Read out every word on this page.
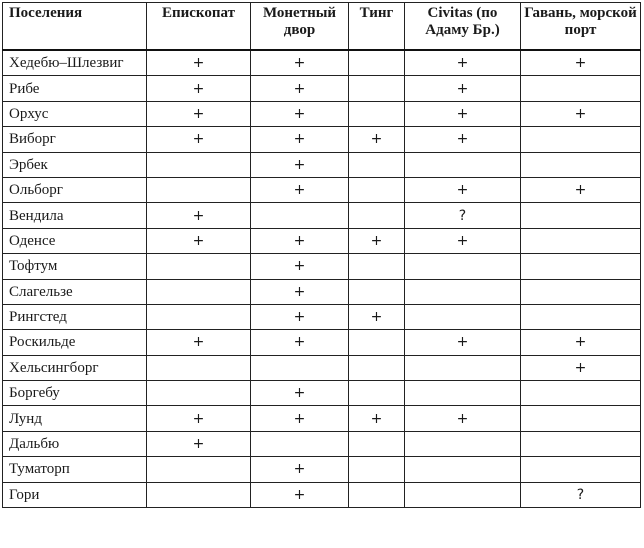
Поселения	Епископат	Монетный двор	Тинг	Civitas (по Адаму Бр.)	Гавань, морской порт
Хедебю–Шлезвиг	+	+		+	+
Рибе	+	+		+	
Орхус	+	+		+	+
Виборг	+	+	+	+	
Эрбек		+			
Ольборг		+		+	+
Вендила	+			?	
Оденсе	+	+	+	+	
Тофтум		+			
Слагельзе		+			
Рингстед		+	+		
Роскильде	+	+		+	+
Хельсингборг					+
Боргебу		+			
Лунд	+	+	+	+	
Дальбю	+				
Туматорп		+			
Гори		+			?
